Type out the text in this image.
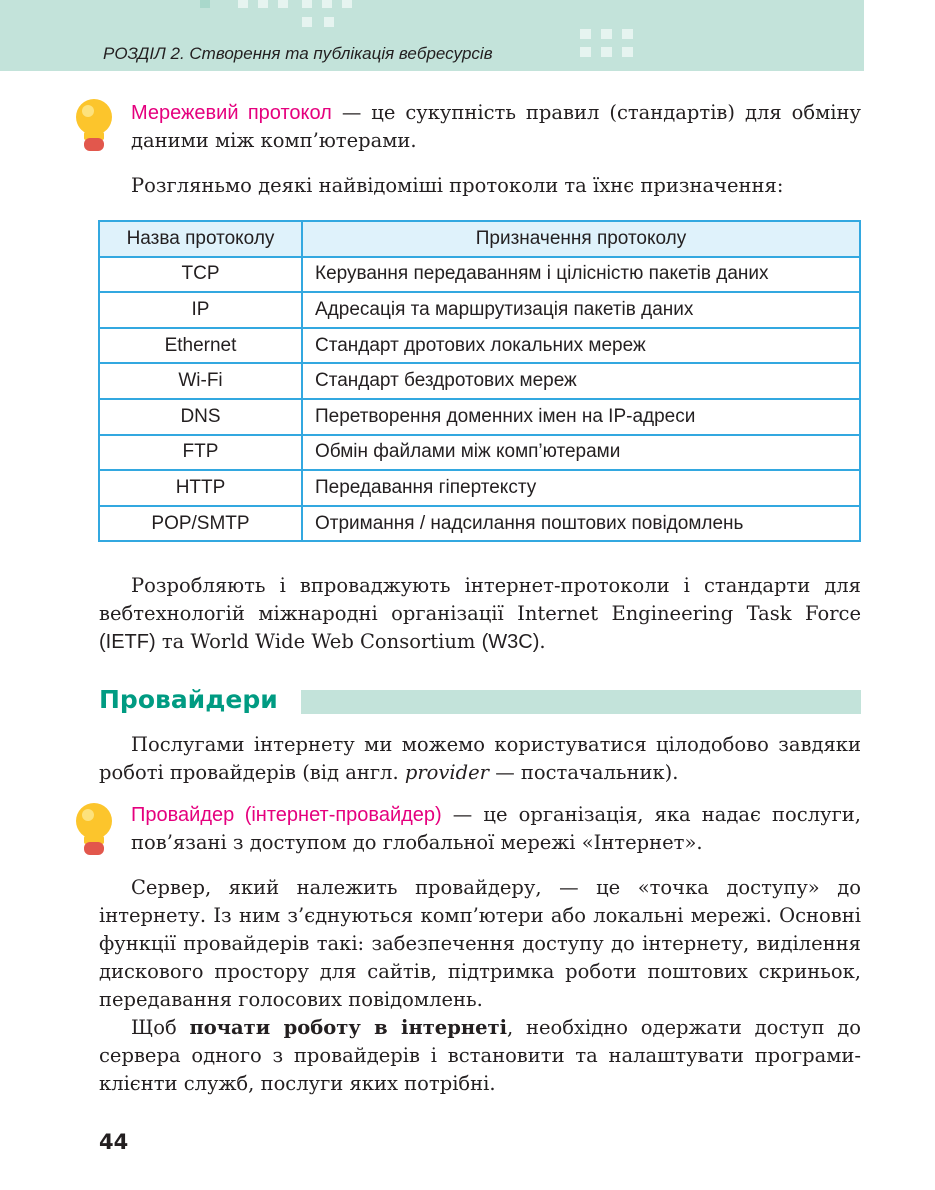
РОЗДІЛ 2. Створення та публікація вебресурсів
Мережевий протокол — це сукупність правил (стандартів) для обміну даними між комп’ютерами.
Розгляньмо деякі найвідоміші протоколи та їхнє призначення:
Назва протоколу	Призначення протоколу
TCP	Керування передаванням і цілісністю пакетів даних
IP	Адресація та маршрутизація пакетів даних
Ethernet	Стандарт дротових локальних мереж
Wi-Fi	Стандарт бездротових мереж
DNS	Перетворення доменних імен на IP-адреси
FTP	Обмін файлами між комп’ютерами
HTTP	Передавання гіпертексту
POP/SMTP	Отримання / надсилання поштових повідомлень
Розробляють і впроваджують інтернет-протоколи і стандарти для вебтехнологій міжнародні організації Internet Engineering Task Force (IETF) та World Wide Web Consortium (W3C).
Провайдери
Послугами інтернету ми можемо користуватися цілодобово завдяки роботі провайдерів (від англ. provider — постачальник).
Провайдер (інтернет-провайдер) — це організація, яка надає послуги, пов’язані з доступом до глобальної мережі «Інтернет».
Сервер, який належить провайдеру, — це «точка доступу» до інтернету. Із ним з’єднуються комп’ютери або локальні мережі. Основні функції провайдерів такі: забезпечення доступу до інтернету, виділення дискового простору для сайтів, підтримка роботи поштових скриньок, передавання голосових повідомлень.
Щоб почати роботу в інтернеті, необхідно одержати доступ до сервера одного з провайдерів і встановити та налаштувати програми-клієнти служб, послуги яких потрібні.
44
